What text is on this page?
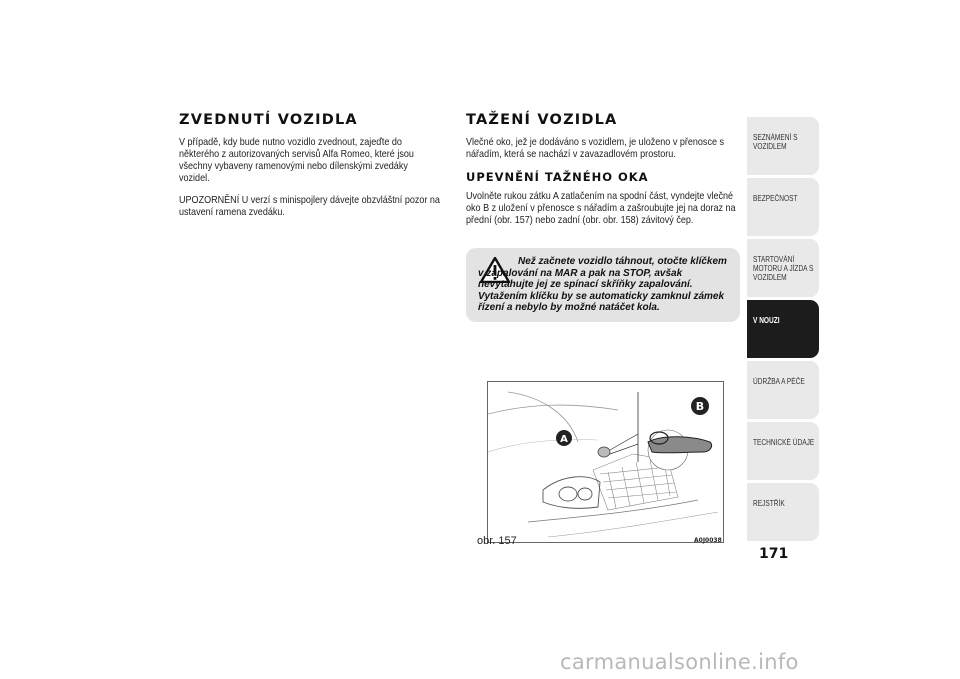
ZVEDNUTÍ VOZIDLA

V případě, kdy bude nutno vozidlo zvednout, zajeďte do některého z autorizovaných servisů Alfa Romeo, které jsou všechny vybaveny ramenovými nebo dílenskými zvedáky vozidel.

UPOZORNĚNÍ U verzí s minispojlery dávejte obzvláštní pozor na ustavení ramena zvedáku.

TAŽENÍ VOZIDLA

Vlečné oko, jež je dodáváno s vozidlem, je uloženo v přenosce s nářadím, která se nachází v zavazadlovém prostoru.

UPEVNĚNÍ TAŽNÉHO OKA

Uvolněte rukou zátku A zatlačením na spodní část, vyndejte vlečné oko B z uložení v přenosce s nářadím a zašroubujte jej na doraz na přední (obr. 157) nebo zadní (obr. obr. 158) závitový čep.

Než začnete vozidlo táhnout, otočte klíčkem v zapalování na MAR a pak na STOP, avšak nevytahujte jej ze spínací skříňky zapalování. Vytažením klíčku by se automaticky zamknul zámek řízení a nebylo by možné natáčet kola.
A
B
obr. 157	A0J0038
SEZNÁMENÍ S VOZIDLEM
BEZPEČNOST
STARTOVÁNÍ MOTORU A JÍZDA S VOZIDLEM
V NOUZI
ÚDRŽBA A PÉČE
TECHNICKÉ ÚDAJE
REJSTŘÍK
171
carmanualsonline.info
